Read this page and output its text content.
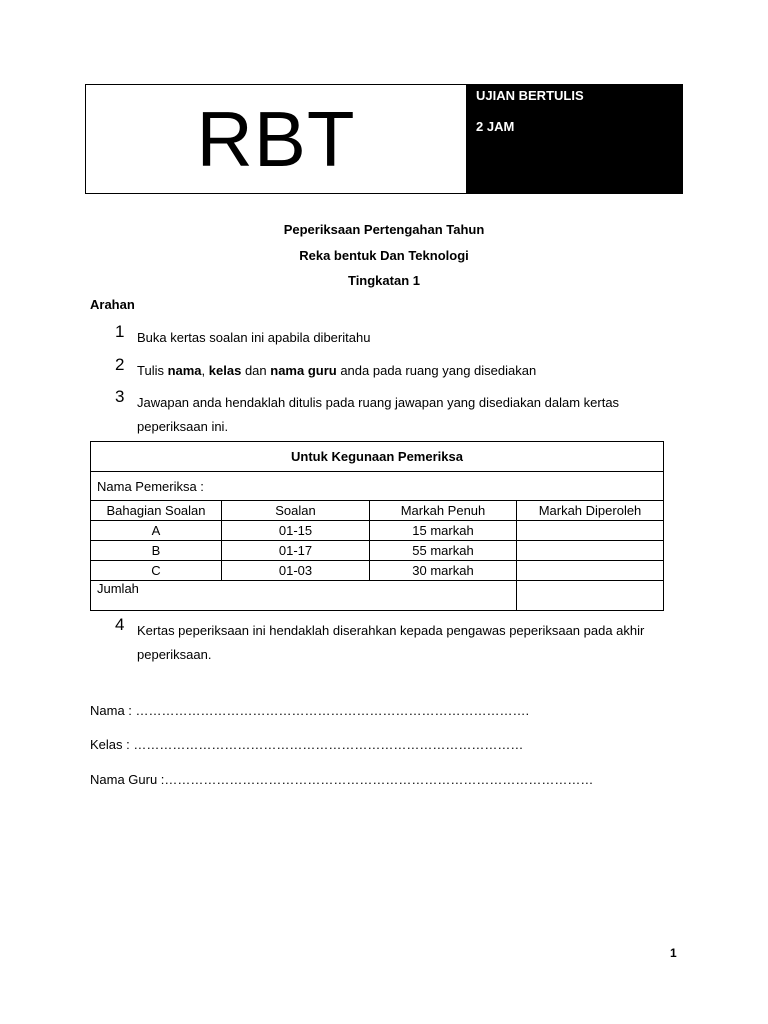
RBT	UJIAN BERTULIS
2 JAM
Peperiksaan Pertengahan Tahun
Reka bentuk Dan Teknologi
Tingkatan 1
Arahan
1 Buka kertas soalan ini apabila diberitahu
2 Tulis nama, kelas dan nama guru anda pada ruang yang disediakan
3 Jawapan anda hendaklah ditulis pada ruang jawapan yang disediakan dalam kertas peperiksaan ini.
Untuk Kegunaan Pemeriksa			
Nama Pemeriksa :			
Bahagian Soalan	Soalan	Markah Penuh	Markah Diperoleh
A	01-15	15 markah	
B	01-17	55 markah	
C	01-03	30 markah	
Jumlah			
4 Kertas peperiksaan ini hendaklah diserahkan kepada pengawas peperiksaan pada akhir peperiksaan.
Nama : ……………………………………………………………………………….
Kelas : ………………………………………………………………………………
Nama Guru :………………………………………………………………………………………
1
